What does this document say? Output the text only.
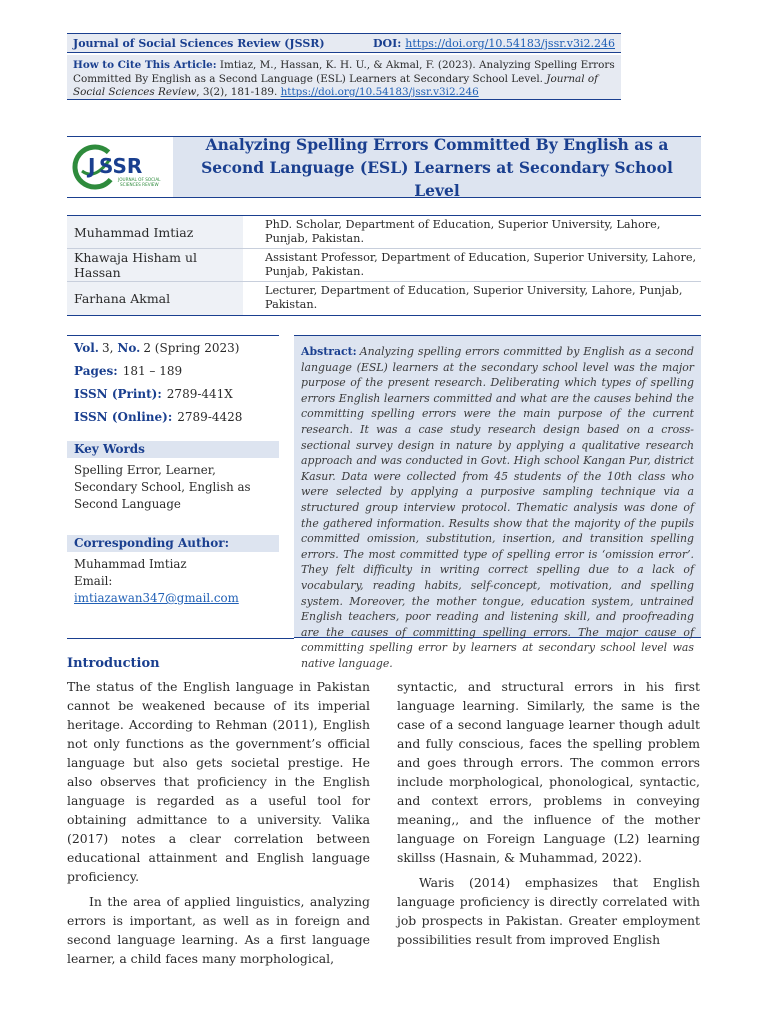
Journal of Social Sciences Review (JSSR)	DOI: https://doi.org/10.54183/jssr.v3i2.246
How to Cite This Article: Imtiaz, M., Hassan, K. H. U., & Akmal, F. (2023). Analyzing Spelling Errors Committed By English as a Second Language (ESL) Learners at Secondary School Level. Journal of Social Sciences Review, 3(2), 181-189. https://doi.org/10.54183/jssr.v3i2.246
J SSR
JOURNAL OF SOCIAL
SCIENCES REVIEW
Analyzing Spelling Errors Committed By English as a Second Language (ESL) Learners at Secondary School Level
Muhammad Imtiaz	PhD. Scholar, Department of Education, Superior University, Lahore, Punjab, Pakistan.
Khawaja Hisham ul Hassan
Assistant Professor, Department of Education, Superior University, Lahore, Punjab, Pakistan.
Farhana Akmal
Lecturer, Department of Education, Superior University, Lahore, Punjab, Pakistan.
Vol. 3, No. 2 (Spring 2023)
Pages: 181 – 189
ISSN (Print): 2789-441X
ISSN (Online): 2789-4428
Key Words
Spelling Error, Learner, Secondary School, English as Second Language
Corresponding Author:
Muhammad Imtiaz
Email: imtiazawan347@gmail.com
Abstract: Analyzing spelling errors committed by English as a second language (ESL) learners at the secondary school level was the major purpose of the present research. Deliberating which types of spelling errors English learners committed and what are the causes behind the committing spelling errors were the main purpose of the current research. It was a case study research design based on a cross-sectional survey design in nature by applying a qualitative research approach and was conducted in Govt. High school Kangan Pur, district Kasur. Data were collected from 45 students of the 10th class who were selected by applying a purposive sampling technique via a structured group interview protocol. Thematic analysis was done of the gathered information. Results show that the majority of the pupils committed omission, substitution, insertion, and transition spelling errors. The most committed type of spelling error is ‘omission error’. They felt difficulty in writing correct spelling due to a lack of vocabulary, reading habits, self-concept, motivation, and spelling system. Moreover, the mother tongue, education system, untrained English teachers, poor reading and listening skill, and proofreading are the causes of committing spelling errors. The major cause of committing spelling error by learners at secondary school level was native language.
Introduction

The status of the English language in Pakistan cannot be weakened because of its imperial heritage. According to Rehman (2011), English not only functions as the government’s official language but also gets societal prestige. He also observes that proficiency in the English language is regarded as a useful tool for obtaining admittance to a university. Valika (2017) notes a clear correlation between educational attainment and English language proficiency.

In the area of applied linguistics, analyzing errors is important, as well as in foreign and second language learning. As a first language learner, a child faces many morphological,

syntactic, and structural errors in his first language learning. Similarly, the same is the case of a second language learner though adult and fully conscious, faces the spelling problem and goes through errors. The common errors include morphological, phonological, syntactic, and context errors, problems in conveying meaning,, and the influence of the mother language on Foreign Language (L2) learning skillss (Hasnain, & Muhammad, 2022).

Waris (2014) emphasizes that English language proficiency is directly correlated with job prospects in Pakistan. Greater employment possibilities result from improved English
